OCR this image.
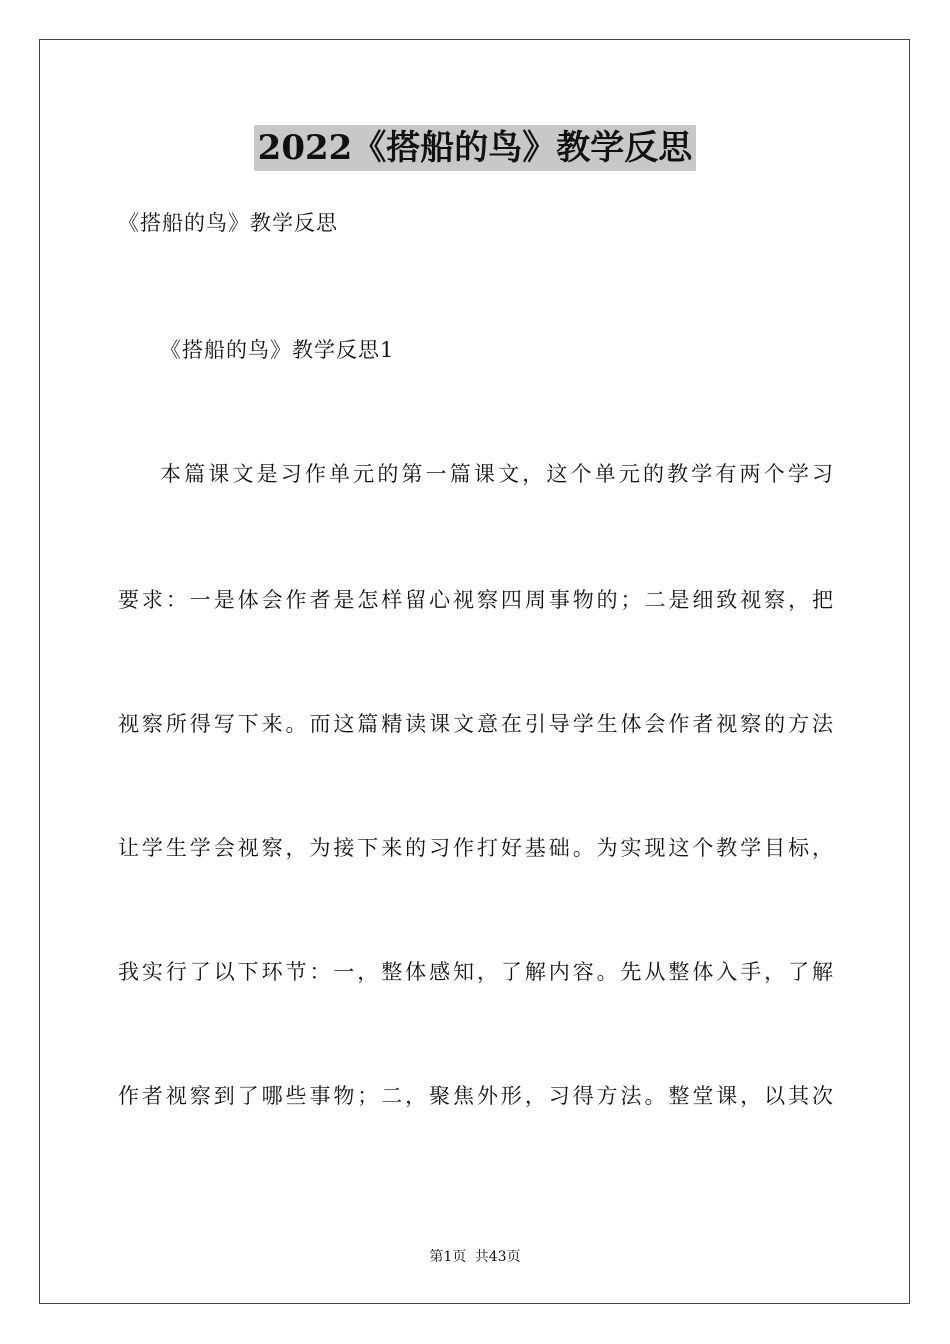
2022《搭船的鸟》教学反思
《搭船的鸟》教学反思
《搭船的鸟》教学反思1
本篇课文是习作单元的第一篇课文，这个单元的教学有两个学习
要求：一是体会作者是怎样留心视察四周事物的；二是细致视察，把
视察所得写下来。而这篇精读课文意在引导学生体会作者视察的方法
让学生学会视察，为接下来的习作打好基础。为实现这个教学目标，
我实行了以下环节：一，整体感知，了解内容。先从整体入手，了解
作者视察到了哪些事物；二，聚焦外形，习得方法。整堂课，以其次
第1页 共43页
